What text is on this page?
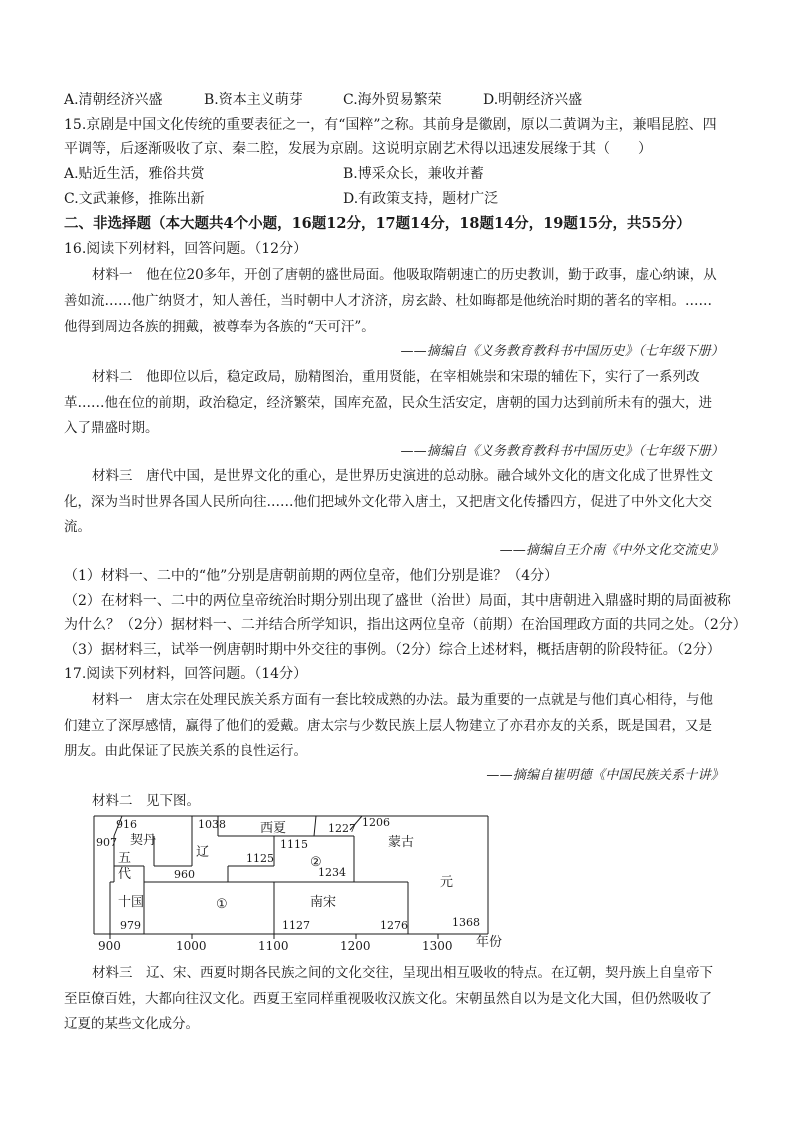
A.清朝经济兴盛	B.资本主义萌芽	C.海外贸易繁荣	D.明朝经济兴盛
15.京剧是中国文化传统的重要表征之一，有“国粹”之称。其前身是徽剧，原以二黄调为主，兼唱昆腔、四
平调等，后逐渐吸收了京、秦二腔，发展为京剧。这说明京剧艺术得以迅速发展缘于其（　　）
A.贴近生活，雅俗共赏	B.博采众长，兼收并蓄
C.文武兼修，推陈出新	D.有政策支持，题材广泛
二、非选择题（本大题共4个小题，16题12分，17题14分，18题14分，19题15分，共55分）
16.阅读下列材料，回答问题。（12分）
材料一　他在位20多年，开创了唐朝的盛世局面。他吸取隋朝速亡的历史教训，勤于政事，虚心纳谏，从
善如流……他广纳贤才，知人善任，当时朝中人才济济，房玄龄、杜如晦都是他统治时期的著名的宰相。……
他得到周边各族的拥戴，被尊奉为各族的“天可汗”。
——摘编自《义务教育教科书中国历史》（七年级下册）
材料二　他即位以后，稳定政局，励精图治，重用贤能，在宰相姚崇和宋璟的辅佐下，实行了一系列改
革……他在位的前期，政治稳定，经济繁荣，国库充盈，民众生活安定，唐朝的国力达到前所未有的强大，进
入了鼎盛时期。
——摘编自《义务教育教科书中国历史》（七年级下册）
材料三　唐代中国，是世界文化的重心，是世界历史演进的总动脉。融合域外文化的唐文化成了世界性文
化，深为当时世界各国人民所向往……他们把域外文化带入唐土，又把唐文化传播四方，促进了中外文化大交
流。
——摘编自王介南《中外文化交流史》
（1）材料一、二中的“他”分别是唐朝前期的两位皇帝，他们分别是谁？（4分）
（2）在材料一、二中的两位皇帝统治时期分别出现了盛世（治世）局面，其中唐朝进入鼎盛时期的局面被称
为什么？（2分）据材料一、二并结合所学知识，指出这两位皇帝（前期）在治国理政方面的共同之处。（2分）
（3）据材料三，试举一例唐朝时期中外交往的事例。（2分）综合上述材料，概括唐朝的阶段特征。（2分）
17.阅读下列材料，回答问题。（14分）
材料一　唐太宗在处理民族关系方面有一套比较成熟的办法。最为重要的一点就是与他们真心相待，与他
们建立了深厚感情，赢得了他们的爱戴。唐太宗与少数民族上层人物建立了亦君亦友的关系，既是国君，又是
朋友。由此保证了民族关系的良性运行。
——摘编自崔明德《中国民族关系十讲》
材料二　见下图。
916
907
960
979
1038
1125
1115
1227 1206
1234
1127	1276	1368
契丹
辽
五
代
十国
西夏
蒙古
②
①	南宋
元
900	1000	1100	1200	1300 年份
材料三　辽、宋、西夏时期各民族之间的文化交往，呈现出相互吸收的特点。在辽朝，契丹族上自皇帝下
至臣僚百姓，大都向往汉文化。西夏王室同样重视吸收汉族文化。宋朝虽然自以为是文化大国，但仍然吸收了
辽夏的某些文化成分。
